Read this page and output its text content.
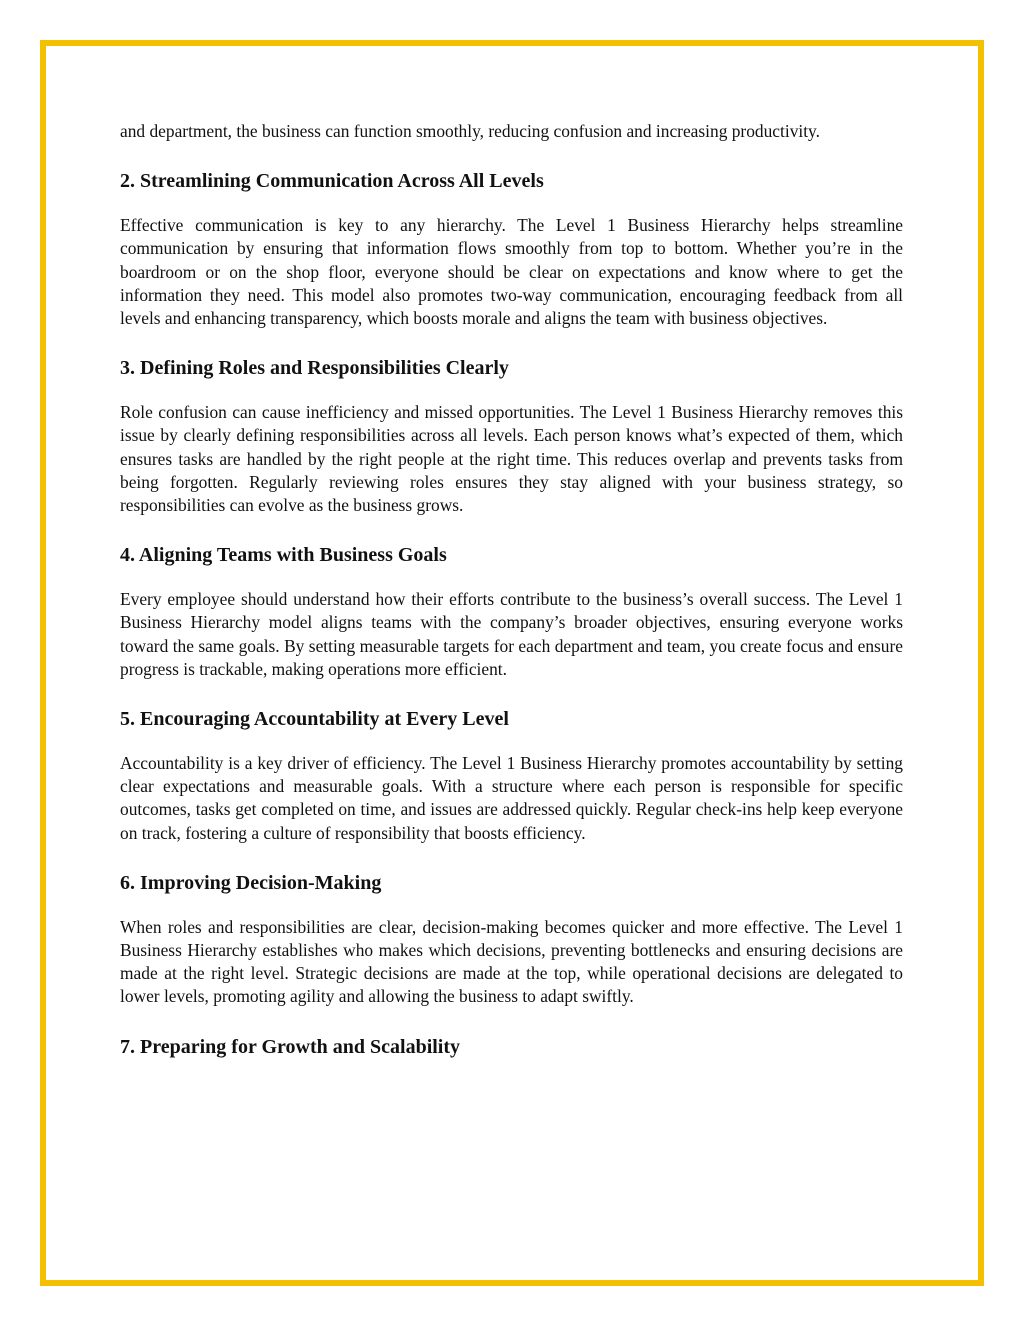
and department, the business can function smoothly, reducing confusion and increasing productivity.

2. Streamlining Communication Across All Levels

Effective communication is key to any hierarchy. The Level 1 Business Hierarchy helps streamline communication by ensuring that information flows smoothly from top to bottom. Whether you’re in the boardroom or on the shop floor, everyone should be clear on expectations and know where to get the information they need. This model also promotes two-way communication, encouraging feedback from all levels and enhancing transparency, which boosts morale and aligns the team with business objectives.

3. Defining Roles and Responsibilities Clearly

Role confusion can cause inefficiency and missed opportunities. The Level 1 Business Hierarchy removes this issue by clearly defining responsibilities across all levels. Each person knows what’s expected of them, which ensures tasks are handled by the right people at the right time. This reduces overlap and prevents tasks from being forgotten. Regularly reviewing roles ensures they stay aligned with your business strategy, so responsibilities can evolve as the business grows.

4. Aligning Teams with Business Goals

Every employee should understand how their efforts contribute to the business’s overall success. The Level 1 Business Hierarchy model aligns teams with the company’s broader objectives, ensuring everyone works toward the same goals. By setting measurable targets for each department and team, you create focus and ensure progress is trackable, making operations more efficient.

5. Encouraging Accountability at Every Level

Accountability is a key driver of efficiency. The Level 1 Business Hierarchy promotes accountability by setting clear expectations and measurable goals. With a structure where each person is responsible for specific outcomes, tasks get completed on time, and issues are addressed quickly. Regular check-ins help keep everyone on track, fostering a culture of responsibility that boosts efficiency.

6. Improving Decision-Making

When roles and responsibilities are clear, decision-making becomes quicker and more effective. The Level 1 Business Hierarchy establishes who makes which decisions, preventing bottlenecks and ensuring decisions are made at the right level. Strategic decisions are made at the top, while operational decisions are delegated to lower levels, promoting agility and allowing the business to adapt swiftly.

7. Preparing for Growth and Scalability
